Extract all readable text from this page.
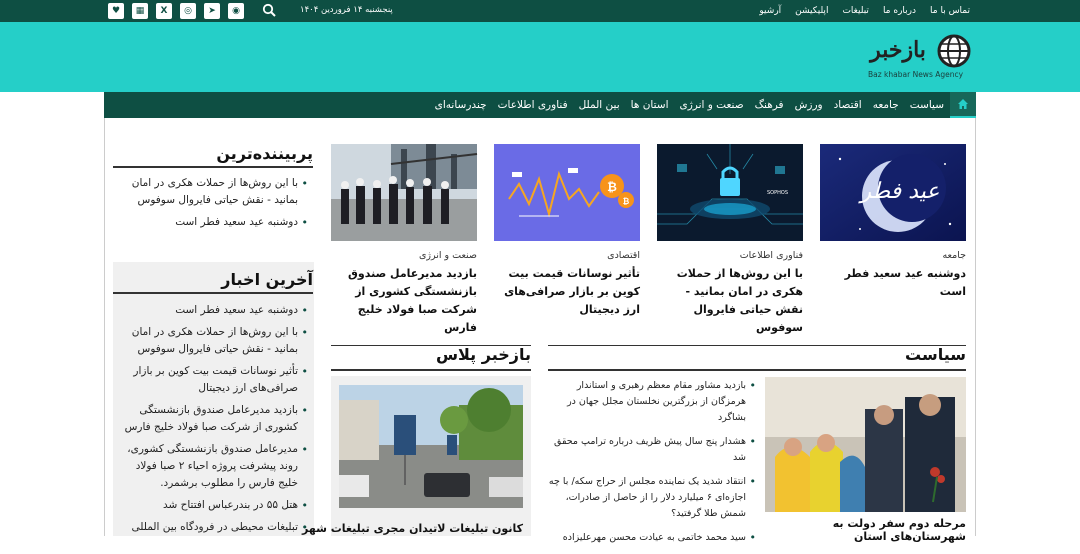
تماس با ما
درباره ما
تبلیغات
اپلیکیشن
آرشیو
پنجشنبه ۱۴ فروردین ۱۴۰۴
♥	▦	X	◎	➤	◉
بازخبر
Baz khabar News Agency
سیاست
جامعه
اقتصاد
ورزش
فرهنگ
صنعت و انرژی
استان ها
بین الملل
فناوری اطلاعات
چندرسانه‌ای
عید فطر
جامعه
دوشنبه عید سعید فطر است
SOPHOS
فناوری اطلاعات
با این روش‌ها از حملات هکری در امان بمانید - نقش حیاتی فایروال سوفوس
₿
₿
اقتصادی
تأثیر نوسانات قیمت بیت کوین بر بازار صرافی‌های ارز دیجیتال
صنعت و انرژی
بازدید مدیرعامل صندوق بازنشستگی کشوری از شرکت صبا فولاد خلیج فارس
پربیننده‌ترین
• با این روش‌ها از حملات هکری در امان بمانید - نقش حیاتی فایروال سوفوس
• دوشنبه عید سعید فطر است
آخرین اخبار
• دوشنبه عید سعید فطر است
• با این روش‌ها از حملات هکری در امان بمانید - نقش حیاتی فایروال سوفوس
• تأثیر نوسانات قیمت بیت کوین بر بازار صرافی‌های ارز دیجیتال
• بازدید مدیرعامل صندوق بازنشستگی کشوری از شرکت صبا فولاد خلیج فارس
• مدیرعامل صندوق بازنشستگی کشوری، روند پیشرفت پروژه احیاء ۲ صبا فولاد خلیج فارس را مطلوب برشمرد.
• هتل ۵۵ در بندرعباس افتتاح شد
• تبلیغات محیطی در فرودگاه بین المللی
سیاست
مرحله دوم سفر دولت به شهرستان‌های استان
• بازدید مشاور مقام معظم رهبری و استاندار هرمزگان از بزرگترین نخلستان مجلل جهان در بشاگرد
• هشدار پنج سال پیش ظریف درباره ترامپ محقق شد
• انتقاد شدید یک نماینده مجلس از حراج سکه/ با چه اجازه‌ای ۶ میلیارد دلار را از حاصل از صادرات، شمش طلا گرفتید؟
• سید محمد خاتمی به عیادت محسن مهرعلیزاده
بازخبر پلاس
کانون تبلیغات لاتیدان مجری تبلیغات شهر
